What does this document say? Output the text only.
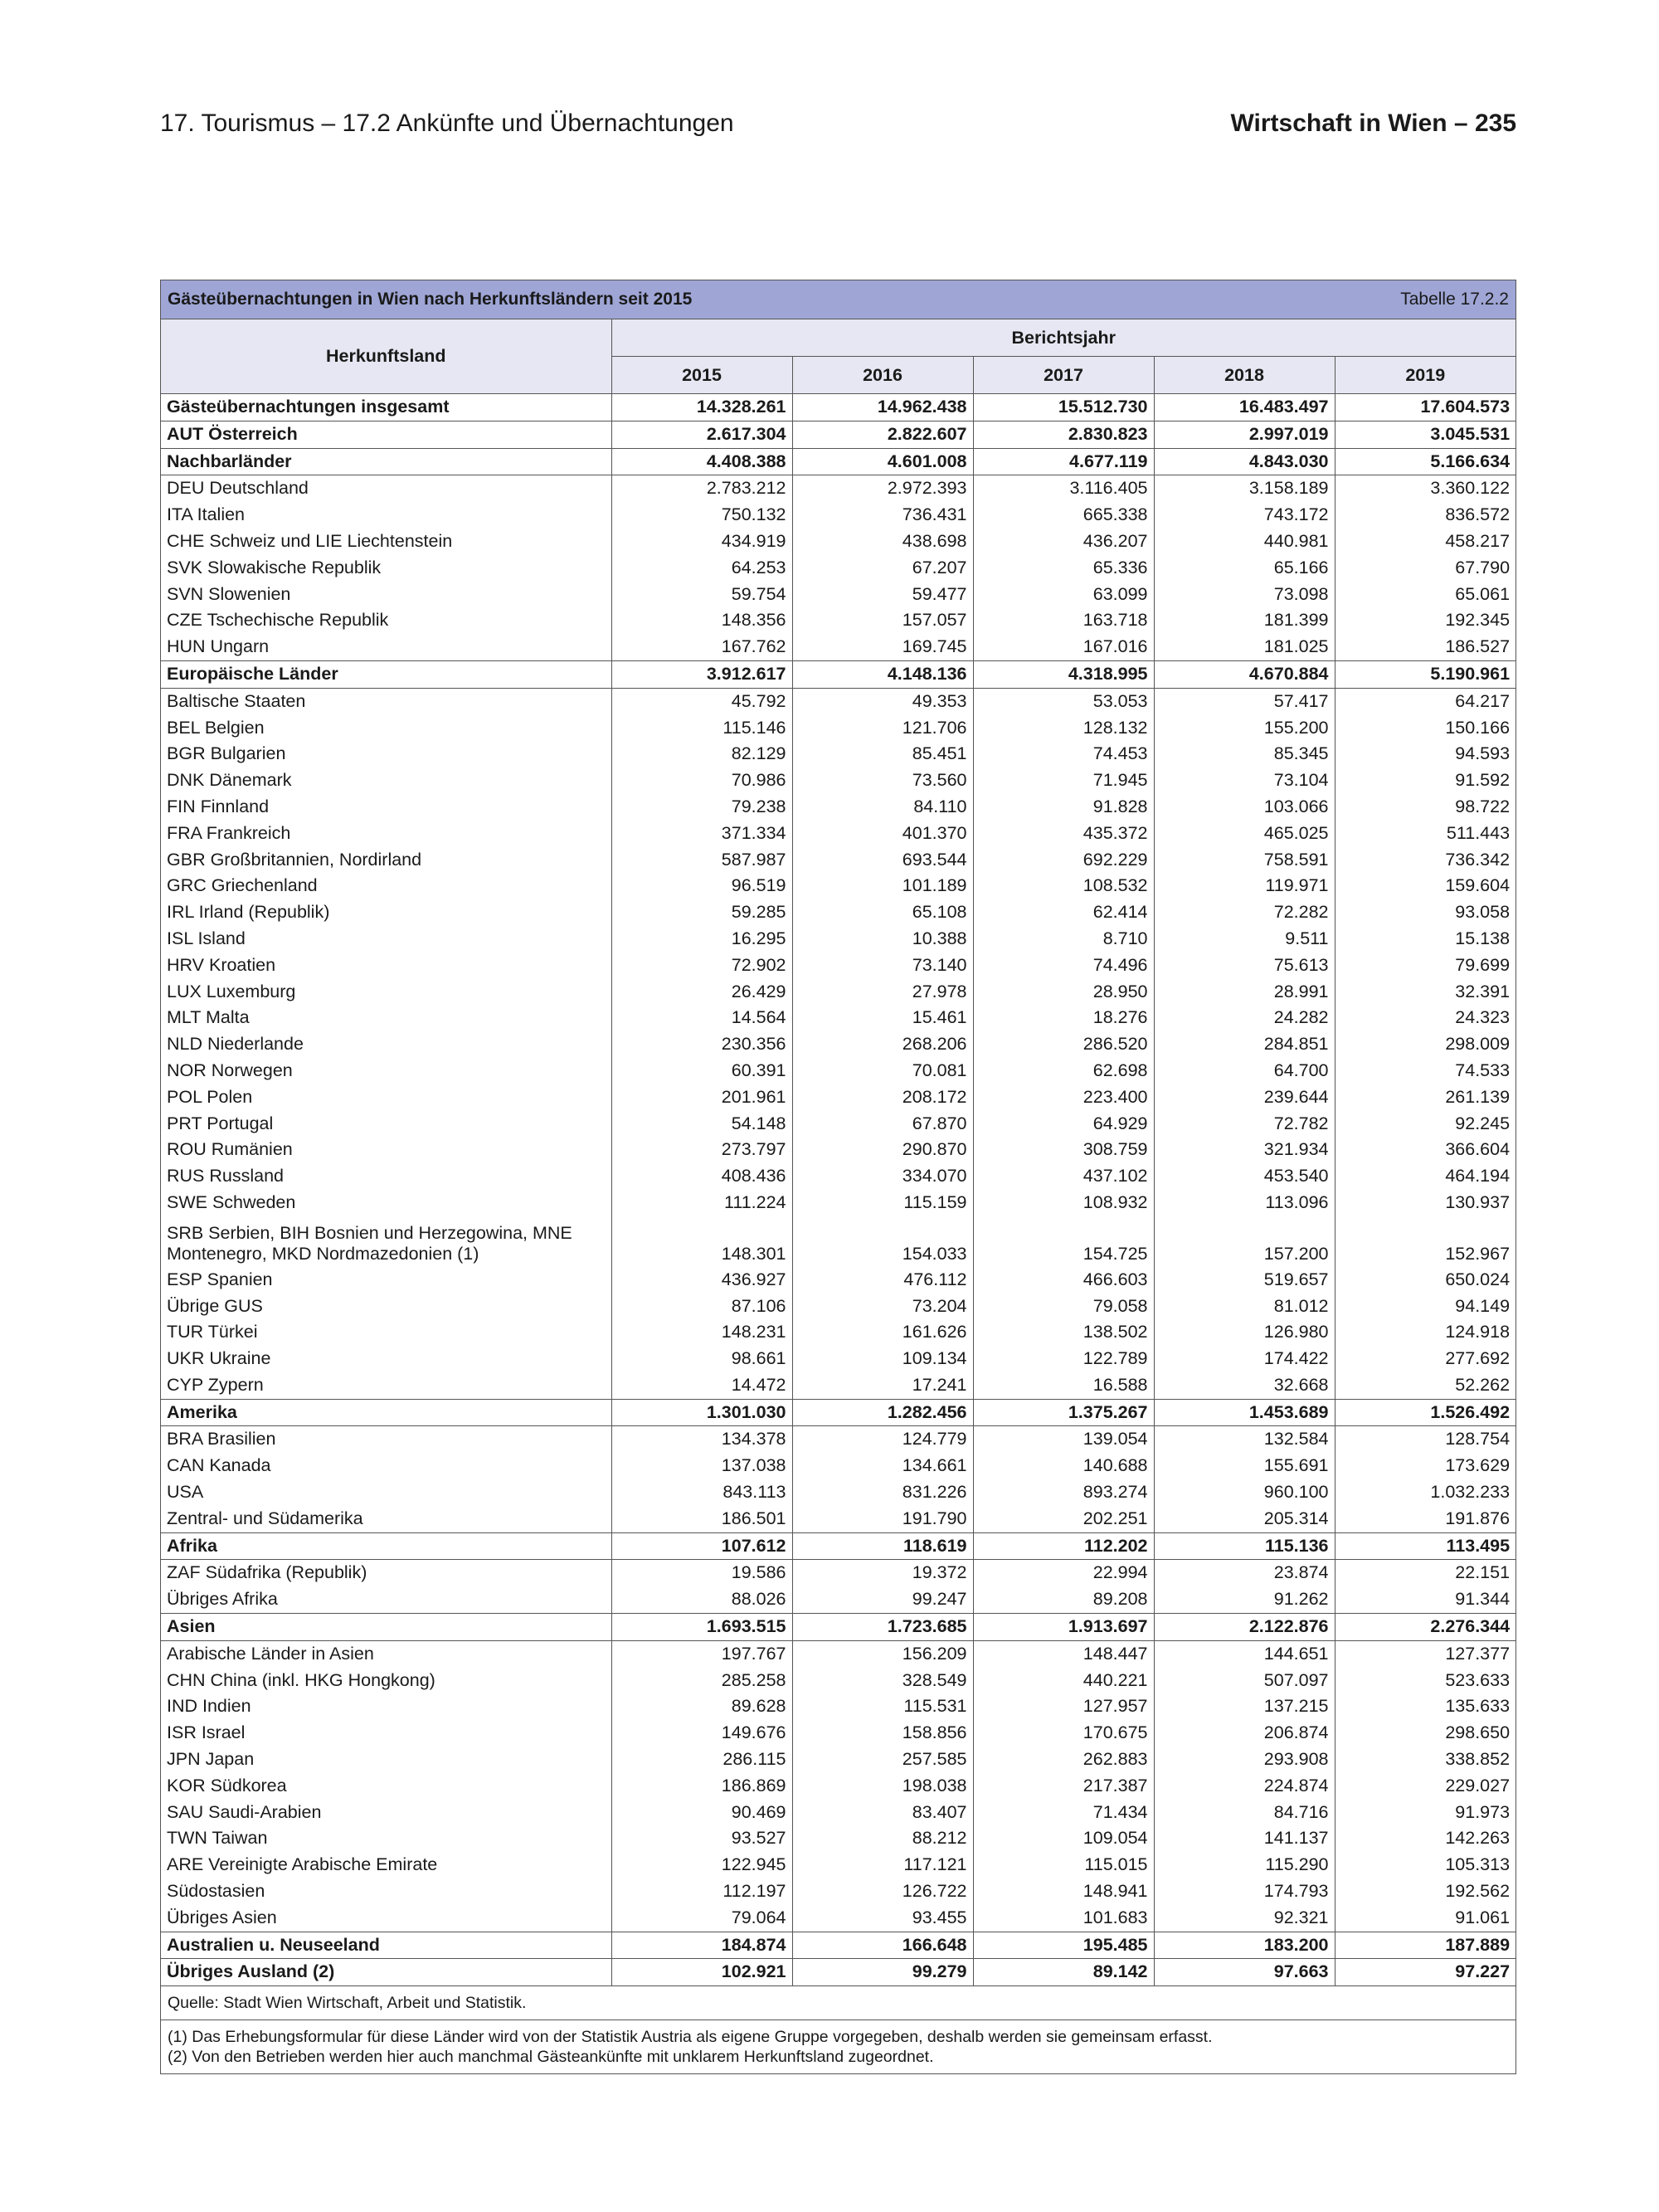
17. Tourismus – 17.2 Ankünfte und Übernachtungen	Wirtschaft in Wien – 235
Gästeübernachtungen in Wien nach Herkunftsländern seit 2015	Tabelle 17.2.2
Herkunftsland	Berichtsjahr				
	2015	2016	2017	2018	2019
Gästeübernachtungen insgesamt	14.328.261	14.962.438	15.512.730	16.483.497	17.604.573
AUT Österreich	2.617.304	2.822.607	2.830.823	2.997.019	3.045.531
Nachbarländer	4.408.388	4.601.008	4.677.119	4.843.030	5.166.634
DEU Deutschland	2.783.212	2.972.393	3.116.405	3.158.189	3.360.122
ITA Italien	750.132	736.431	665.338	743.172	836.572
CHE Schweiz und LIE Liechtenstein	434.919	438.698	436.207	440.981	458.217
SVK Slowakische Republik	64.253	67.207	65.336	65.166	67.790
SVN Slowenien	59.754	59.477	63.099	73.098	65.061
CZE Tschechische Republik	148.356	157.057	163.718	181.399	192.345
HUN Ungarn	167.762	169.745	167.016	181.025	186.527
Europäische Länder	3.912.617	4.148.136	4.318.995	4.670.884	5.190.961
Baltische Staaten	45.792	49.353	53.053	57.417	64.217
BEL Belgien	115.146	121.706	128.132	155.200	150.166
BGR Bulgarien	82.129	85.451	74.453	85.345	94.593
DNK Dänemark	70.986	73.560	71.945	73.104	91.592
FIN Finnland	79.238	84.110	91.828	103.066	98.722
FRA Frankreich	371.334	401.370	435.372	465.025	511.443
GBR Großbritannien, Nordirland	587.987	693.544	692.229	758.591	736.342
GRC Griechenland	96.519	101.189	108.532	119.971	159.604
IRL Irland (Republik)	59.285	65.108	62.414	72.282	93.058
ISL Island	16.295	10.388	8.710	9.511	15.138
HRV Kroatien	72.902	73.140	74.496	75.613	79.699
LUX Luxemburg	26.429	27.978	28.950	28.991	32.391
MLT Malta	14.564	15.461	18.276	24.282	24.323
NLD Niederlande	230.356	268.206	286.520	284.851	298.009
NOR Norwegen	60.391	70.081	62.698	64.700	74.533
POL Polen	201.961	208.172	223.400	239.644	261.139
PRT Portugal	54.148	67.870	64.929	72.782	92.245
ROU Rumänien	273.797	290.870	308.759	321.934	366.604
RUS Russland	408.436	334.070	437.102	453.540	464.194
SWE Schweden	111.224	115.159	108.932	113.096	130.937
SRB Serbien, BIH Bosnien und Herzegowina, MNE Montenegro, MKD Nordmazedonien (1)	148.301	154.033	154.725	157.200	152.967
ESP Spanien	436.927	476.112	466.603	519.657	650.024
Übrige GUS	87.106	73.204	79.058	81.012	94.149
TUR Türkei	148.231	161.626	138.502	126.980	124.918
UKR Ukraine	98.661	109.134	122.789	174.422	277.692
CYP Zypern	14.472	17.241	16.588	32.668	52.262
Amerika	1.301.030	1.282.456	1.375.267	1.453.689	1.526.492
BRA Brasilien	134.378	124.779	139.054	132.584	128.754
CAN Kanada	137.038	134.661	140.688	155.691	173.629
USA	843.113	831.226	893.274	960.100	1.032.233
Zentral- und Südamerika	186.501	191.790	202.251	205.314	191.876
Afrika	107.612	118.619	112.202	115.136	113.495
ZAF Südafrika (Republik)	19.586	19.372	22.994	23.874	22.151
Übriges Afrika	88.026	99.247	89.208	91.262	91.344
Asien	1.693.515	1.723.685	1.913.697	2.122.876	2.276.344
Arabische Länder in Asien	197.767	156.209	148.447	144.651	127.377
CHN China (inkl. HKG Hongkong)	285.258	328.549	440.221	507.097	523.633
IND Indien	89.628	115.531	127.957	137.215	135.633
ISR Israel	149.676	158.856	170.675	206.874	298.650
JPN Japan	286.115	257.585	262.883	293.908	338.852
KOR Südkorea	186.869	198.038	217.387	224.874	229.027
SAU Saudi-Arabien	90.469	83.407	71.434	84.716	91.973
TWN Taiwan	93.527	88.212	109.054	141.137	142.263
ARE Vereinigte Arabische Emirate	122.945	117.121	115.015	115.290	105.313
Südostasien	112.197	126.722	148.941	174.793	192.562
Übriges Asien	79.064	93.455	101.683	92.321	91.061
Australien u. Neuseeland	184.874	166.648	195.485	183.200	187.889
Übriges Ausland (2)	102.921	99.279	89.142	97.663	97.227
Quelle: Stadt Wien Wirtschaft, Arbeit und Statistik.
(1) Das Erhebungsformular für diese Länder wird von der Statistik Austria als eigene Gruppe vorgegeben, deshalb werden sie gemeinsam erfasst.
(2) Von den Betrieben werden hier auch manchmal Gästeankünfte mit unklarem Herkunftsland zugeordnet.
